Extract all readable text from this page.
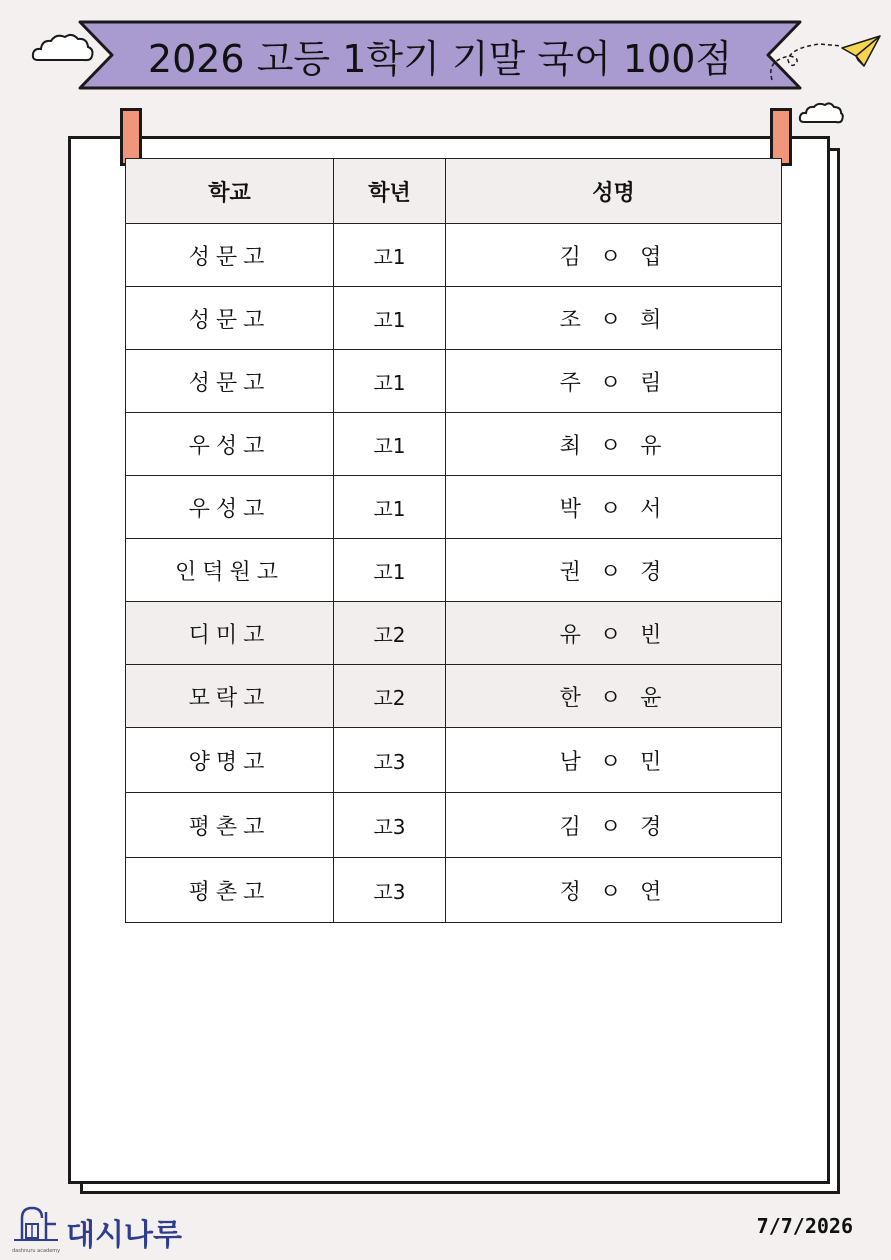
2026 고등 1학기 기말 국어 100점
학교	학년	성명
성문고	고1	김 ㅇ 엽
성문고	고1	조 ㅇ 희
성문고	고1	주 ㅇ 림
우성고	고1	최 ㅇ 유
우성고	고1	박 ㅇ 서
인덕원고	고1	권 ㅇ 경
디미고	고2	유 ㅇ 빈
모락고	고2	한 ㅇ 윤
양명고	고3	남 ㅇ 민
평촌고	고3	김 ㅇ 경
평촌고	고3	정 ㅇ 연
대시나루
dashnuru academy
7/7/2026
